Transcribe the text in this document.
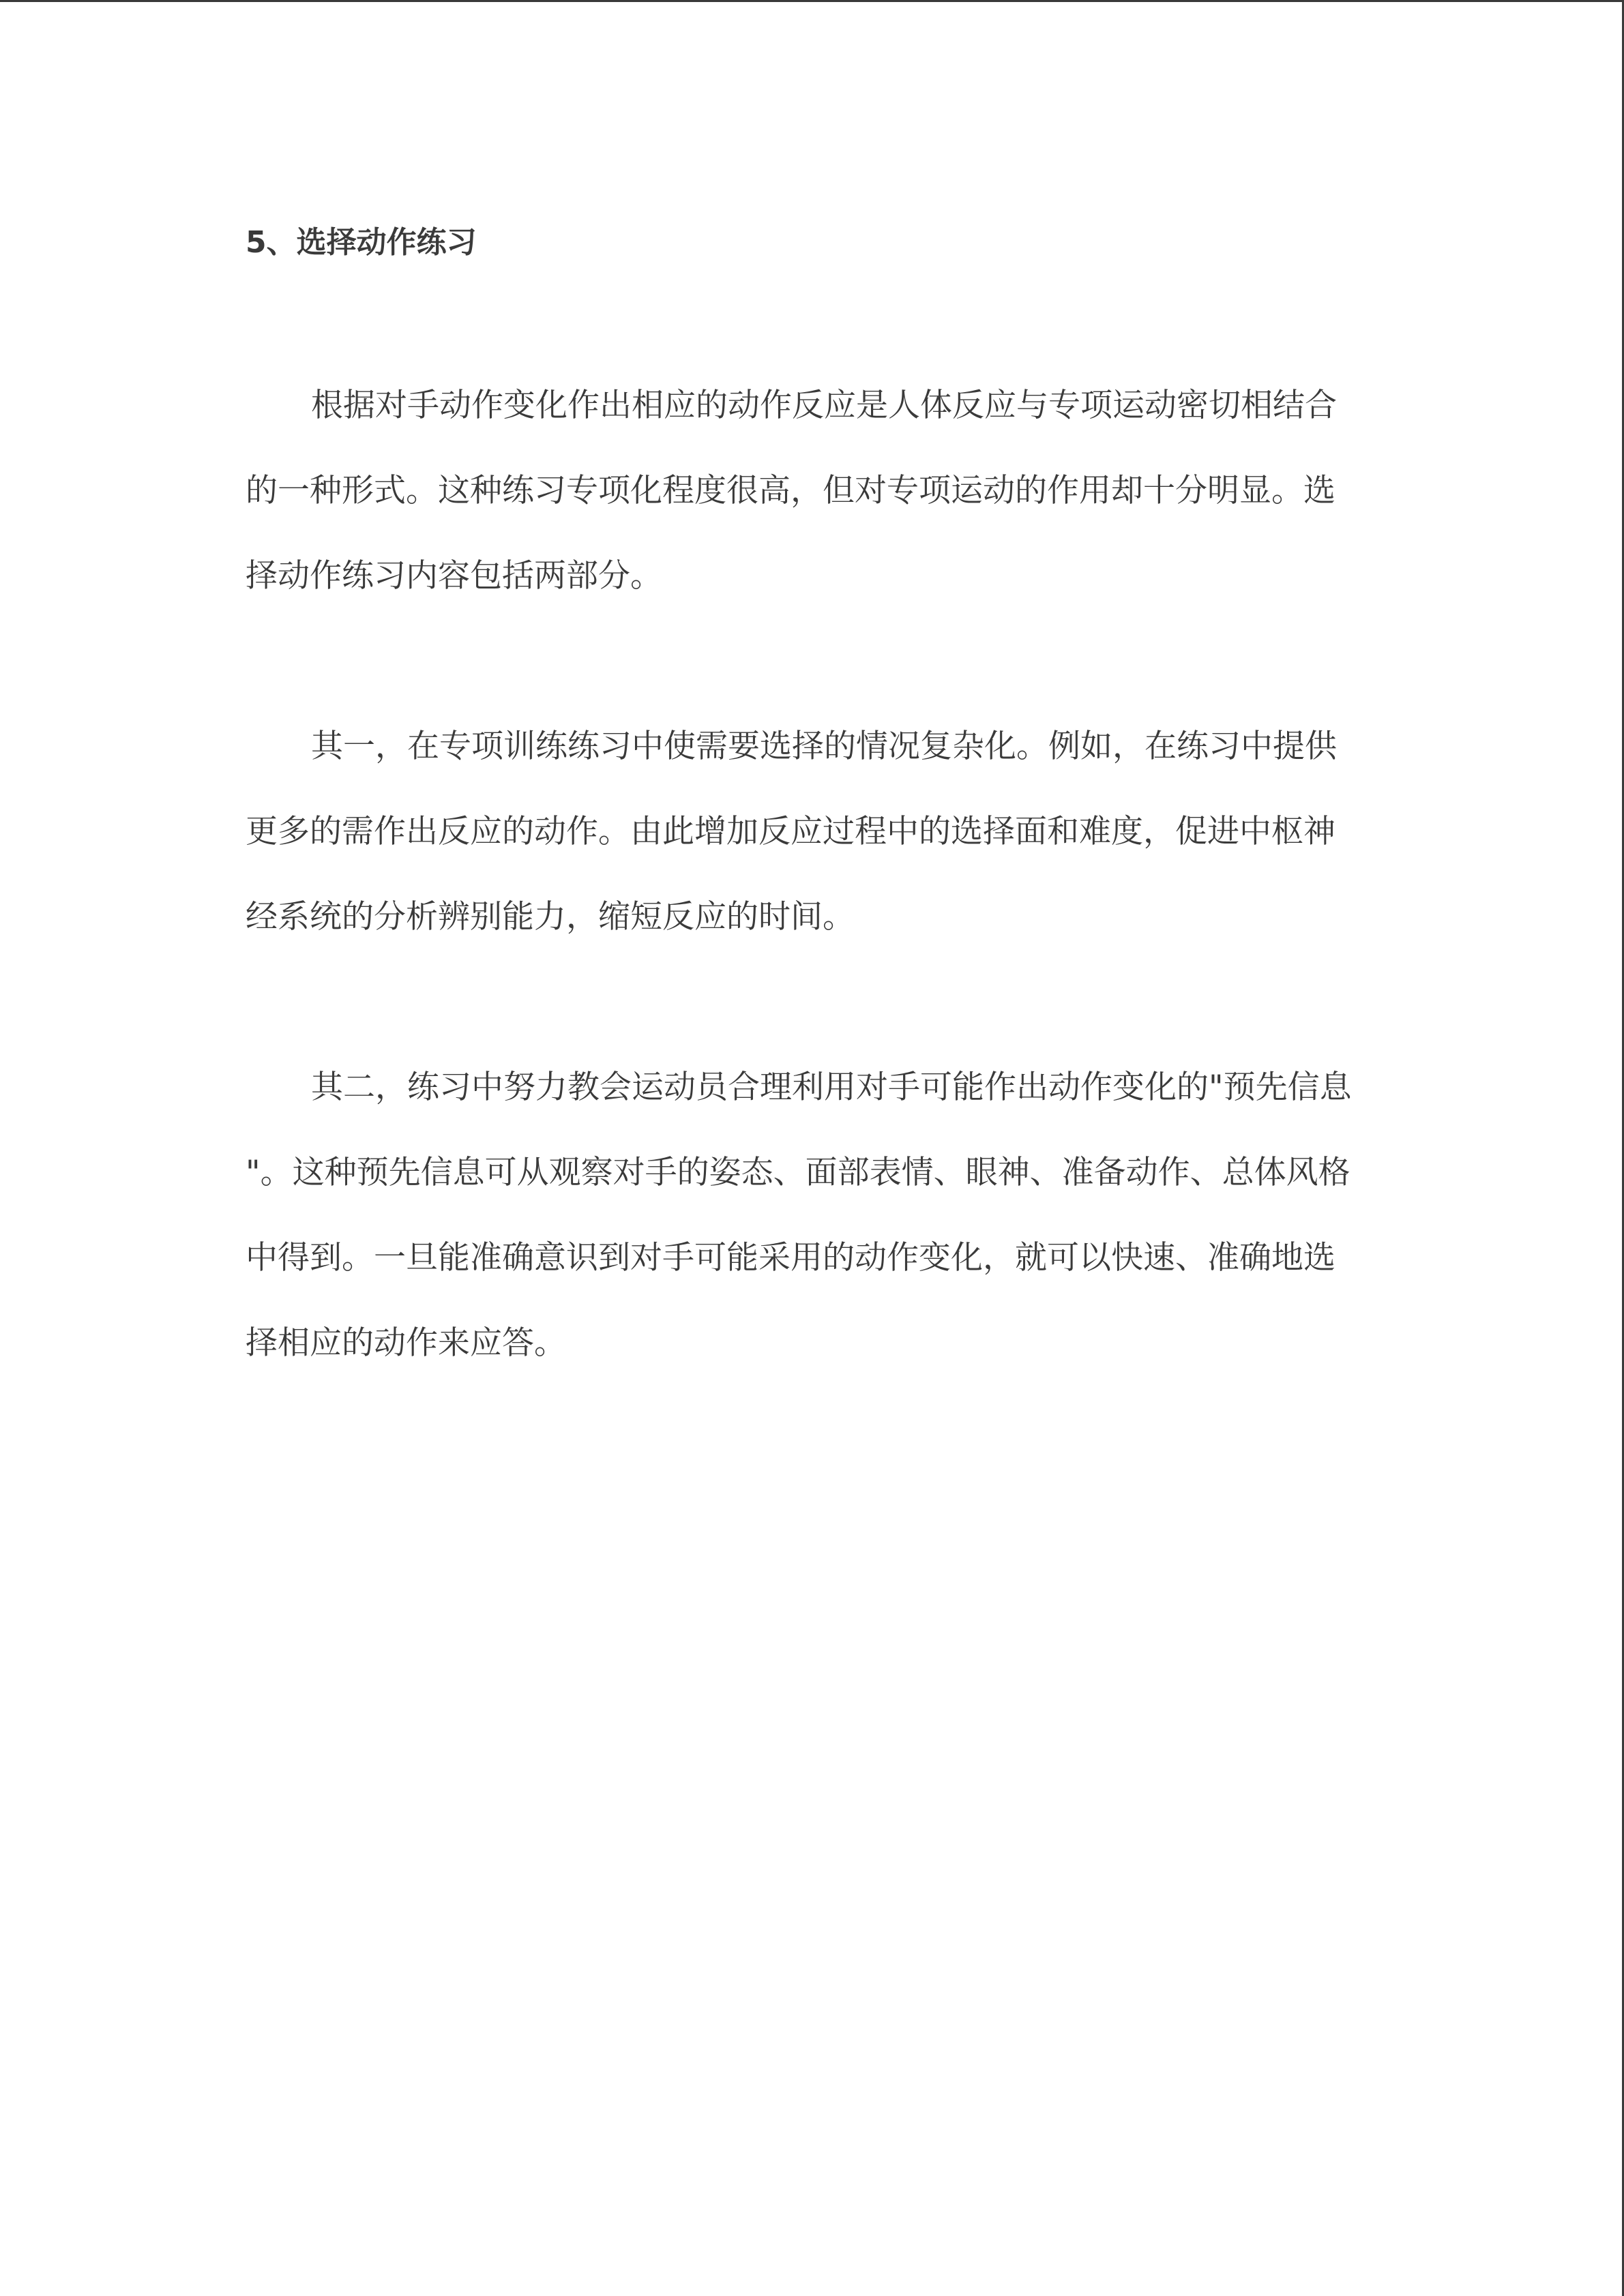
5、选择动作练习
根据对手动作变化作出相应的动作反应是人体反应与专项运动密切相结合
的一种形式。这种练习专项化程度很高，但对专项运动的作用却十分明显。选
择动作练习内容包括两部分。
其一，在专项训练练习中使需要选择的情况复杂化。例如，在练习中提供
更多的需作出反应的动作。由此增加反应过程中的选择面和难度，促进中枢神
经系统的分析辨别能力，缩短反应的时间。
其二，练习中努力教会运动员合理利用对手可能作出动作变化的"预先信息
"。这种预先信息可从观察对手的姿态、面部表情、眼神、准备动作、总体风格
中得到。一旦能准确意识到对手可能采用的动作变化，就可以快速、准确地选
择相应的动作来应答。
